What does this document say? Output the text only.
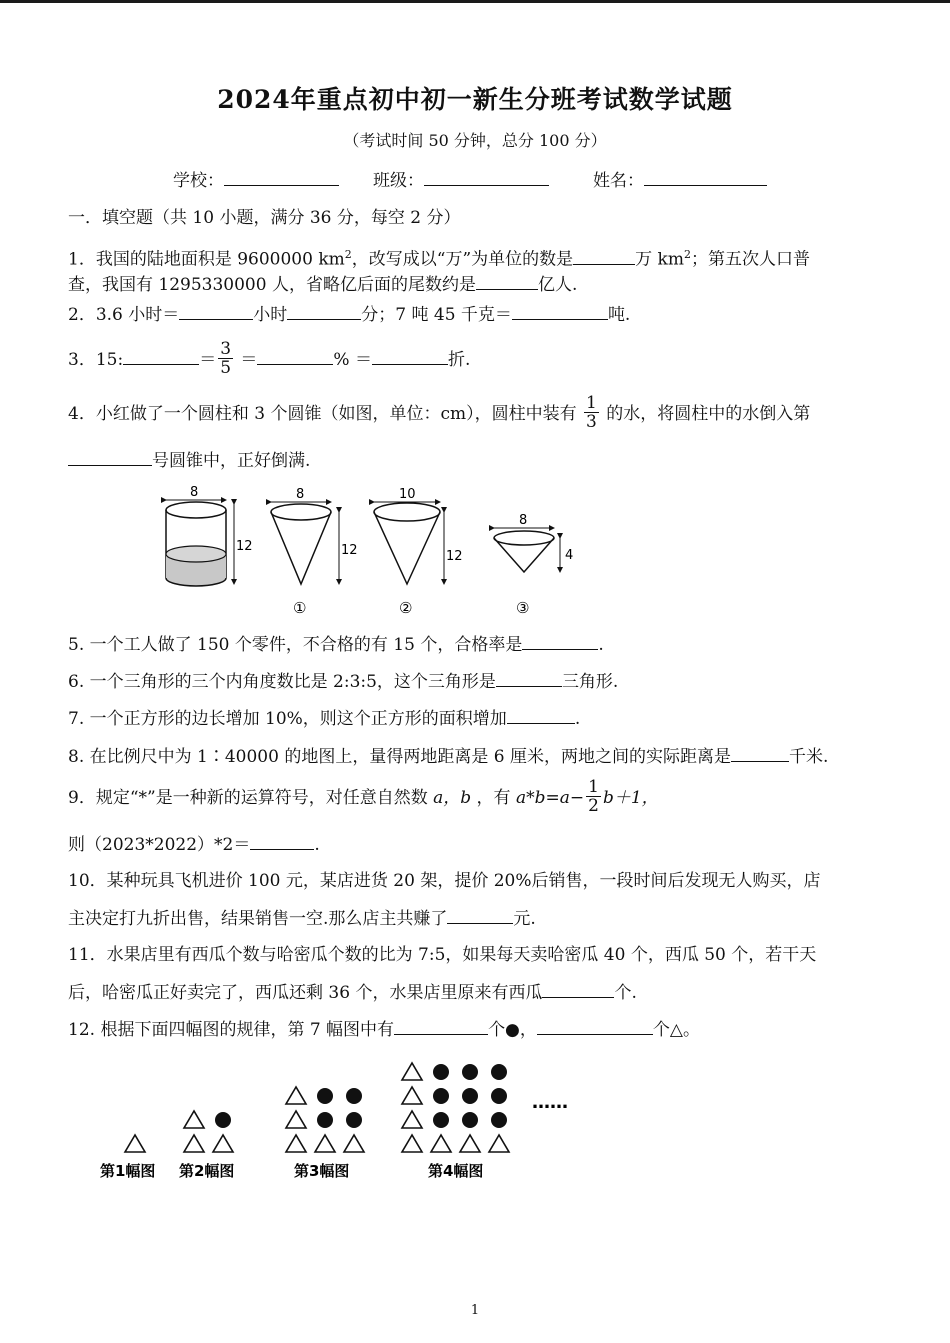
2024年重点初中初一新生分班考试数学试题
（考试时间 50 分钟，总分 100 分）
学校：	班级：	姓名：
一．填空题（共 10 小题，满分 36 分，每空 2 分）
1．我国的陆地面积是 9600000 $km^2$，改写成以“万”为单位的数是	万 $km^2$；第五次人口普
查，我国有 1295330000 人，省略亿后面的尾数约是	亿人.
2．3.6 小时＝	小时	分；7 吨 45 千克＝	吨.
3．15:	＝ $\frac{3}{5}$ ＝	% ＝	折.
4．小红做了一个圆柱和 3 个圆锥（如图，单位：cm），圆柱中装有 $\frac{1}{3}$ 的水，将圆柱中的水倒入第
号圆锥中，正好倒满.
8
12
8
12
①
10
12
②
8
4
③
5. 一个工人做了 150 个零件，不合格的有 15 个，合格率是	.
6. 一个三角形的三个内角度数比是 2:3:5，这个三角形是	三角形.
7. 一个正方形的边长增加 10%，则这个正方形的面积增加	.
8. 在比例尺中为 1∶40000 的地图上，量得两地距离是 6 厘米，两地之间的实际距离是	千米.
9．规定“*”是一种新的运算符号，对任意自然数 a，b ，有 $a*b=a- \frac{1}{2} b+1$，
则（2023*2022）*2＝	.
10．某种玩具飞机进价 100 元，某店进货 20 架，提价 20%后销售，一段时间后发现无人购买，店
主决定打九折出售，结果销售一空.那么店主共赚了	元.
11．水果店里有西瓜个数与哈密瓜个数的比为 7:5，如果每天卖哈密瓜 40 个，西瓜 50 个，若干天
后，哈密瓜正好卖完了，西瓜还剩 36 个，水果店里原来有西瓜	个.
12. 根据下面四幅图的规律，第 7 幅图中有	个●，	个△。
第1幅图 第2幅图	第3幅图	第4幅图
……
1
